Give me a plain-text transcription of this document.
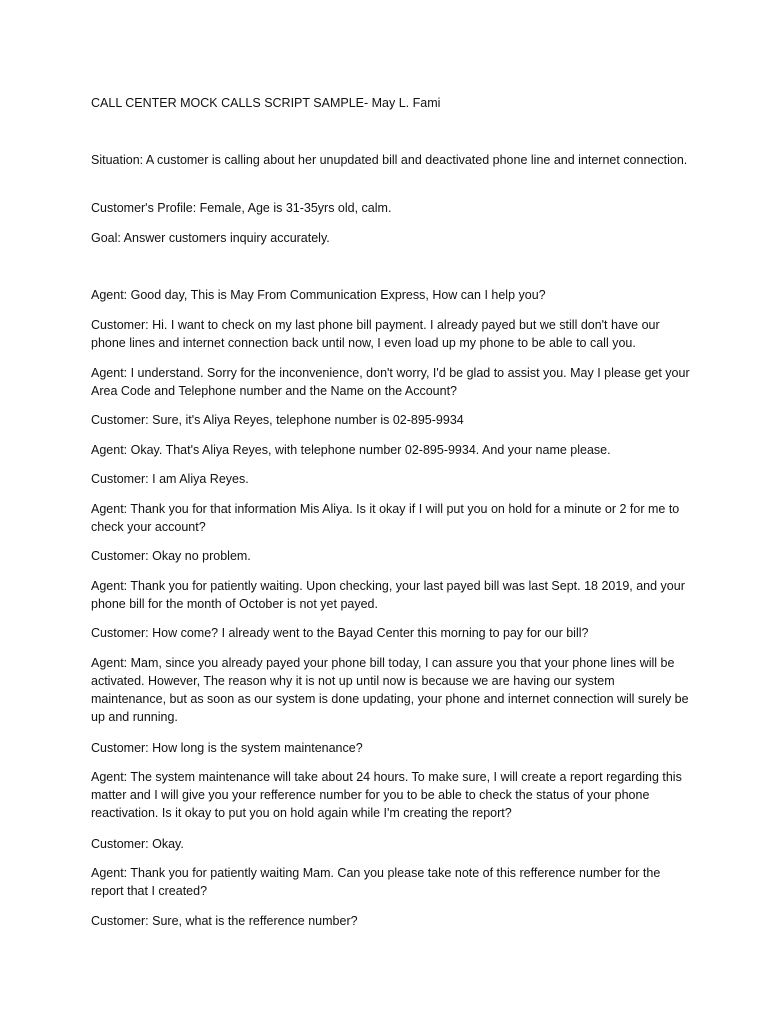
CALL CENTER MOCK CALLS SCRIPT SAMPLE- May L. Fami

Situation: A customer is calling about her unupdated bill and deactivated phone line and internet connection.

Customer's Profile: Female, Age is 31-35yrs old, calm.

Goal: Answer customers inquiry accurately.

Agent: Good day, This is May From Communication Express, How can I help you?

Customer: Hi. I want to check on my last phone bill payment. I already payed but we still don't have our phone lines and internet connection back until now, I even load up my phone to be able to call you.

Agent: I understand. Sorry for the inconvenience, don't worry, I'd be glad to assist you. May I please get your Area Code and Telephone number and the Name on the Account?

Customer: Sure, it's Aliya Reyes, telephone number is 02-895-9934

Agent: Okay. That's Aliya Reyes, with telephone number 02-895-9934. And your name please.

Customer: I am Aliya Reyes.

Agent: Thank you for that information Mis Aliya. Is it okay if I will put you on hold for a minute or 2 for me to check your account?

Customer: Okay no problem.

Agent: Thank you for patiently waiting. Upon checking, your last payed bill was last Sept. 18 2019, and your phone bill for the month of October is not yet payed.

Customer: How come? I already went to the Bayad Center this morning to pay for our bill?

Agent: Mam, since you already payed your phone bill today, I can assure you that your phone lines will be activated. However, The reason why it is not up until now is because we are having our system maintenance, but as soon as our system is done updating, your phone and internet connection will surely be up and running.

Customer: How long is the system maintenance?

Agent: The system maintenance will take about 24 hours. To make sure, I will create a report regarding this matter and I will give you your refference number for you to be able to check the status of your phone reactivation. Is it okay to put you on hold again while I'm creating the report?

Customer: Okay.

Agent: Thank you for patiently waiting Mam. Can you please take note of this refference number for the report that I created?

Customer: Sure, what is the refference number?
